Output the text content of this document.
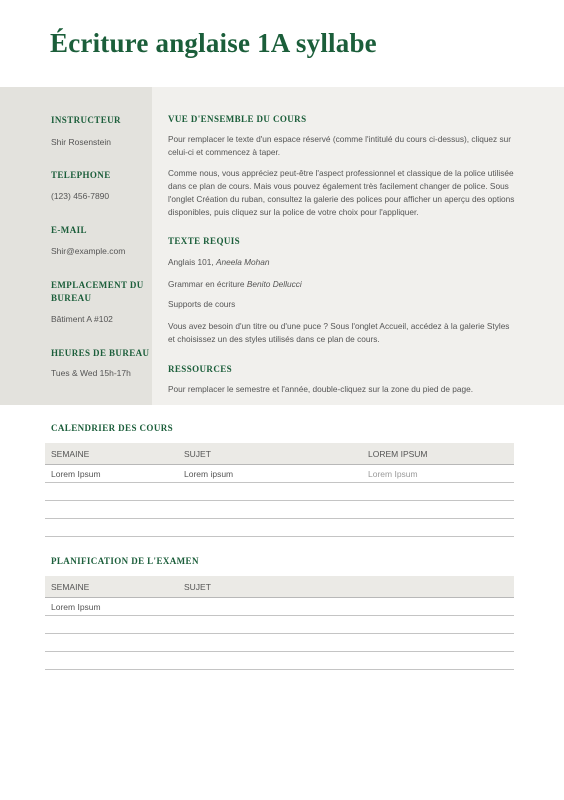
Écriture anglaise 1A syllabe

INSTRUCTEUR

Shir Rosenstein

TELEPHONE

(123) 456-7890

E-MAIL

Shir@example.com

EMPLACEMENT DU BUREAU

Bâtiment A #102

HEURES DE BUREAU

Tues & Wed 15h-17h

VUE D'ENSEMBLE DU COURS

Pour remplacer le texte d'un espace réservé (comme l'intitulé du cours ci-dessus), cliquez sur celui-ci et commencez à taper.

Comme nous, vous appréciez peut-être l'aspect professionnel et classique de la police utilisée dans ce plan de cours. Mais vous pouvez également très facilement changer de police. Sous l'onglet Création du ruban, consultez la galerie des polices pour afficher un aperçu des options disponibles, puis cliquez sur la police de votre choix pour l'appliquer.

TEXTE REQUIS

Anglais 101, Aneela Mohan

Grammar en écriture Benito Dellucci

Supports de cours

Vous avez besoin d'un titre ou d'une puce ? Sous l'onglet Accueil, accédez à la galerie Styles et choisissez un des styles utilisés dans ce plan de cours.

RESSOURCES

Pour remplacer le semestre et l'année, double-cliquez sur la zone du pied de page.

CALENDRIER DES COURS

SEMAINE	SUJET	LOREM IPSUM
Lorem Ipsum	Lorem ipsum	Lorem Ipsum

PLANIFICATION DE L'EXAMEN

SEMAINE	SUJET
Lorem Ipsum	
